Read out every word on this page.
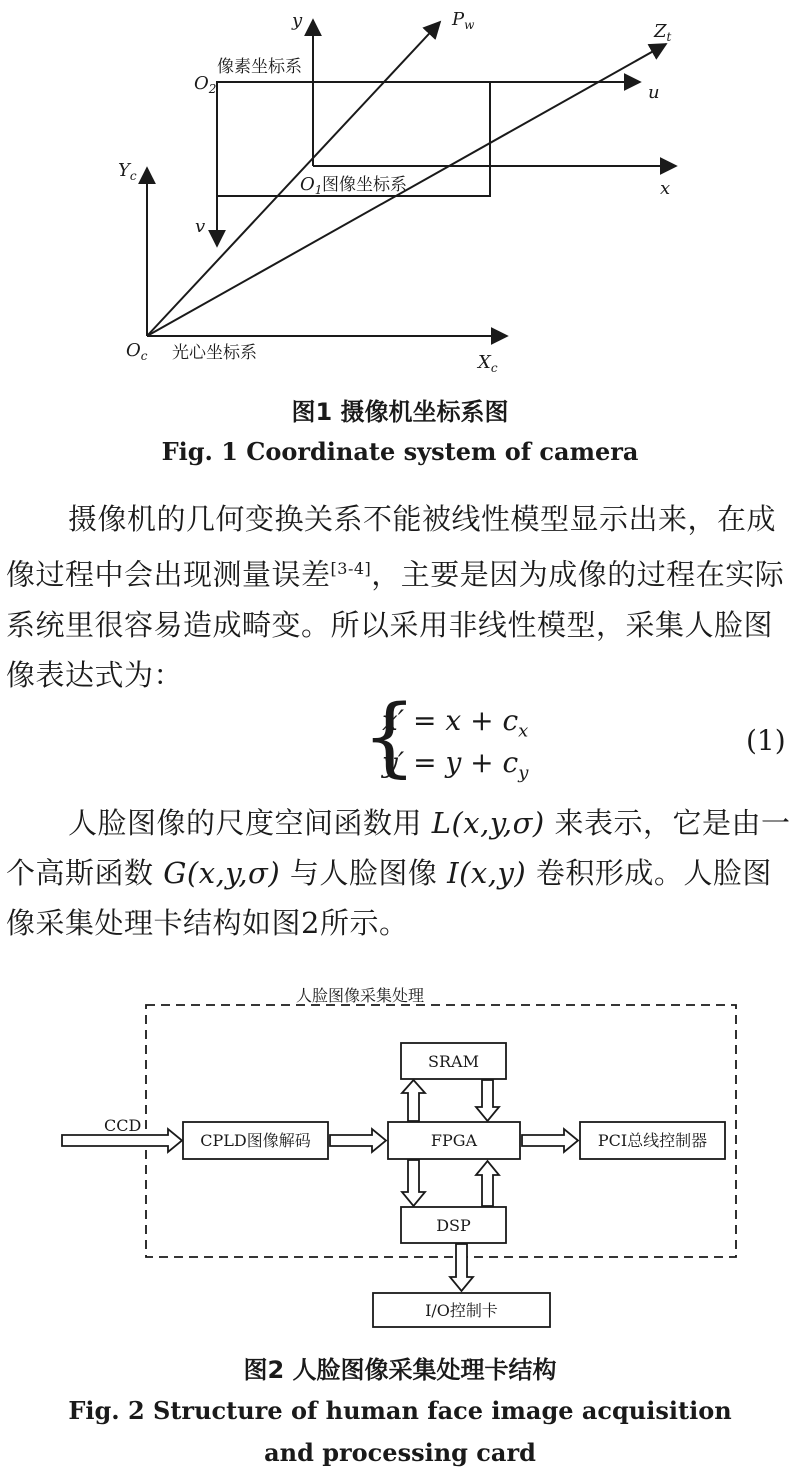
y	$P_w$	$Z_t$
$O_2$	u
$Y_c$	$O_1$	x
v
$O_c$	$X_c$
像素坐标系
图像坐标系
光心坐标系
图1 摄像机坐标系图
Fig. 1 Coordinate system of camera

摄像机的几何变换关系不能被线性模型显示出来，在成像过程中会出现测量误差[3-4]，主要是因为成像的过程在实际系统里很容易造成畸变。所以采用非线性模型，采集人脸图像表达式为：

{
$x' = x + c_x$
$y' = y + c_y$
(1)

人脸图像的尺度空间函数用 L(x,y,σ) 来表示，它是由一个高斯函数 G(x,y,σ) 与人脸图像 I(x,y) 卷积形成。人脸图像采集处理卡结构如图2所示。

人脸图像采集处理
CCD
SRAM
CPLD图像解码	FPGA	PCI总线控制器
DSP
I/O控制卡
图2 人脸图像采集处理卡结构
Fig. 2 Structure of human face image acquisition
and processing card
